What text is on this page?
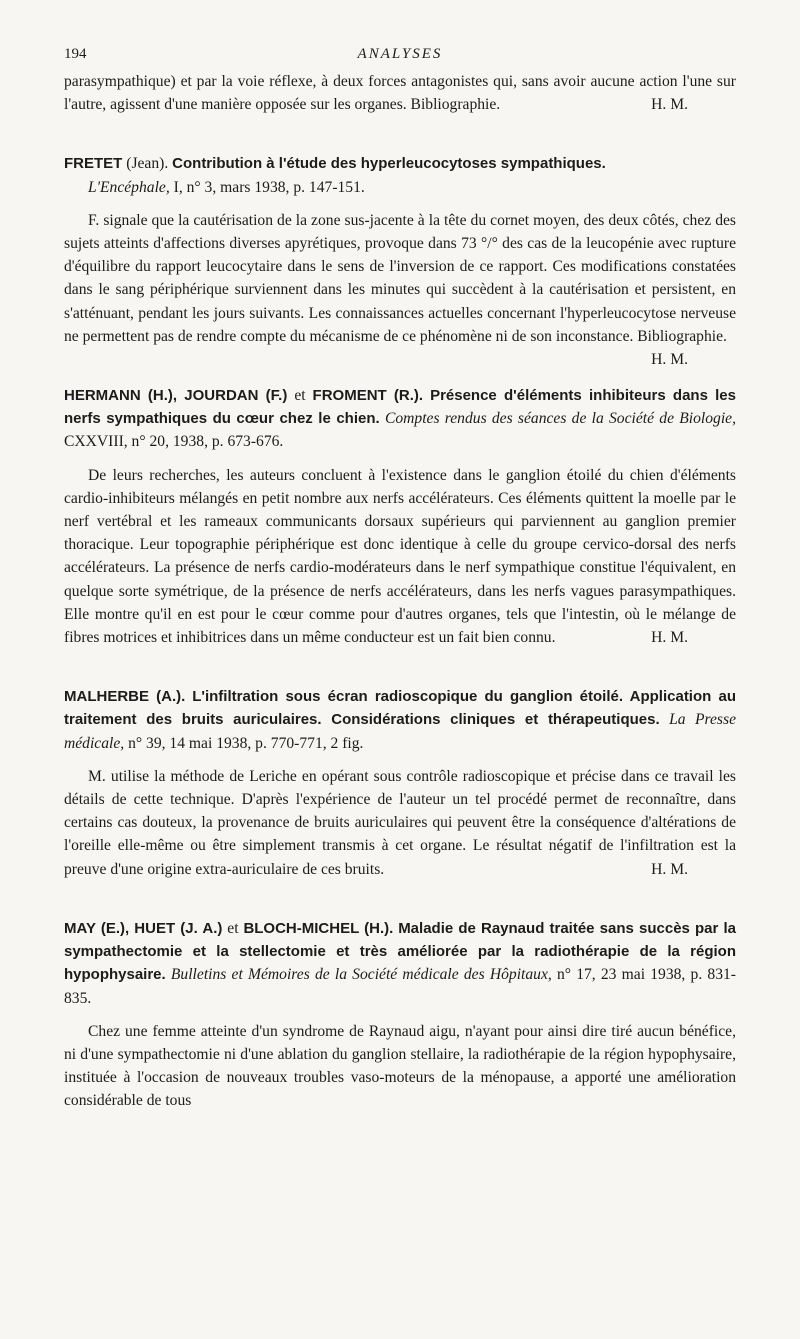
194	ANALYSES

parasympathique) et par la voie réflexe, à deux forces antagonistes qui, sans avoir aucune action l'une sur l'autre, agissent d'une manière opposée sur les organes. Bibliographie.	H. M.

FRETET (Jean). Contribution à l'étude des hyperleucocytoses sympathiques.
L'Encéphale, I, n° 3, mars 1938, p. 147-151.

F. signale que la cautérisation de la zone sus-jacente à la tête du cornet moyen, des deux côtés, chez des sujets atteints d'affections diverses apyrétiques, provoque dans 73 °/° des cas de la leucopénie avec rupture d'équilibre du rapport leucocytaire dans le sens de l'inversion de ce rapport. Ces modifications constatées dans le sang périphérique surviennent dans les minutes qui succèdent à la cautérisation et persistent, en s'atténuant, pendant les jours suivants. Les connaissances actuelles concernant l'hyperleucocytose nerveuse ne permettent pas de rendre compte du mécanisme de ce phénomène ni de son inconstance. Bibliographie.
H. M.

HERMANN (H.), JOURDAN (F.) et FROMENT (R.). Présence d'éléments inhibiteurs dans les nerfs sympathiques du cœur chez le chien. Comptes rendus des séances de la Société de Biologie, CXXVIII, n° 20, 1938, p. 673-676.

De leurs recherches, les auteurs concluent à l'existence dans le ganglion étoilé du chien d'éléments cardio-inhibiteurs mélangés en petit nombre aux nerfs accélérateurs. Ces éléments quittent la moelle par le nerf vertébral et les rameaux communicants dorsaux supérieurs qui parviennent au ganglion premier thoracique. Leur topographie périphérique est donc identique à celle du groupe cervico-dorsal des nerfs accélérateurs. La présence de nerfs cardio-modérateurs dans le nerf sympathique constitue l'équivalent, en quelque sorte symétrique, de la présence de nerfs accélérateurs, dans les nerfs vagues parasympathiques. Elle montre qu'il en est pour le cœur comme pour d'autres organes, tels que l'intestin, où le mélange de fibres motrices et inhibitrices dans un même conducteur est un fait bien connu.	H. M.

MALHERBE (A.). L'infiltration sous écran radioscopique du ganglion étoilé. Application au traitement des bruits auriculaires. Considérations cliniques et thérapeutiques. La Presse médicale, n° 39, 14 mai 1938, p. 770-771, 2 fig.

M. utilise la méthode de Leriche en opérant sous contrôle radioscopique et précise dans ce travail les détails de cette technique. D'après l'expérience de l'auteur un tel procédé permet de reconnaître, dans certains cas douteux, la provenance de bruits auriculaires qui peuvent être la conséquence d'altérations de l'oreille elle-même ou être simplement transmis à cet organe. Le résultat négatif de l'infiltration est la preuve d'une origine extra-auriculaire de ces bruits.	H. M.

MAY (E.), HUET (J. A.) et BLOCH-MICHEL (H.). Maladie de Raynaud traitée sans succès par la sympathectomie et la stellectomie et très améliorée par la radiothérapie de la région hypophysaire. Bulletins et Mémoires de la Société médicale des Hôpitaux, n° 17, 23 mai 1938, p. 831-835.

Chez une femme atteinte d'un syndrome de Raynaud aigu, n'ayant pour ainsi dire tiré aucun bénéfice, ni d'une sympathectomie ni d'une ablation du ganglion stellaire, la radiothérapie de la région hypophysaire, instituée à l'occasion de nouveaux troubles vaso-moteurs de la ménopause, a apporté une amélioration considérable de tous
